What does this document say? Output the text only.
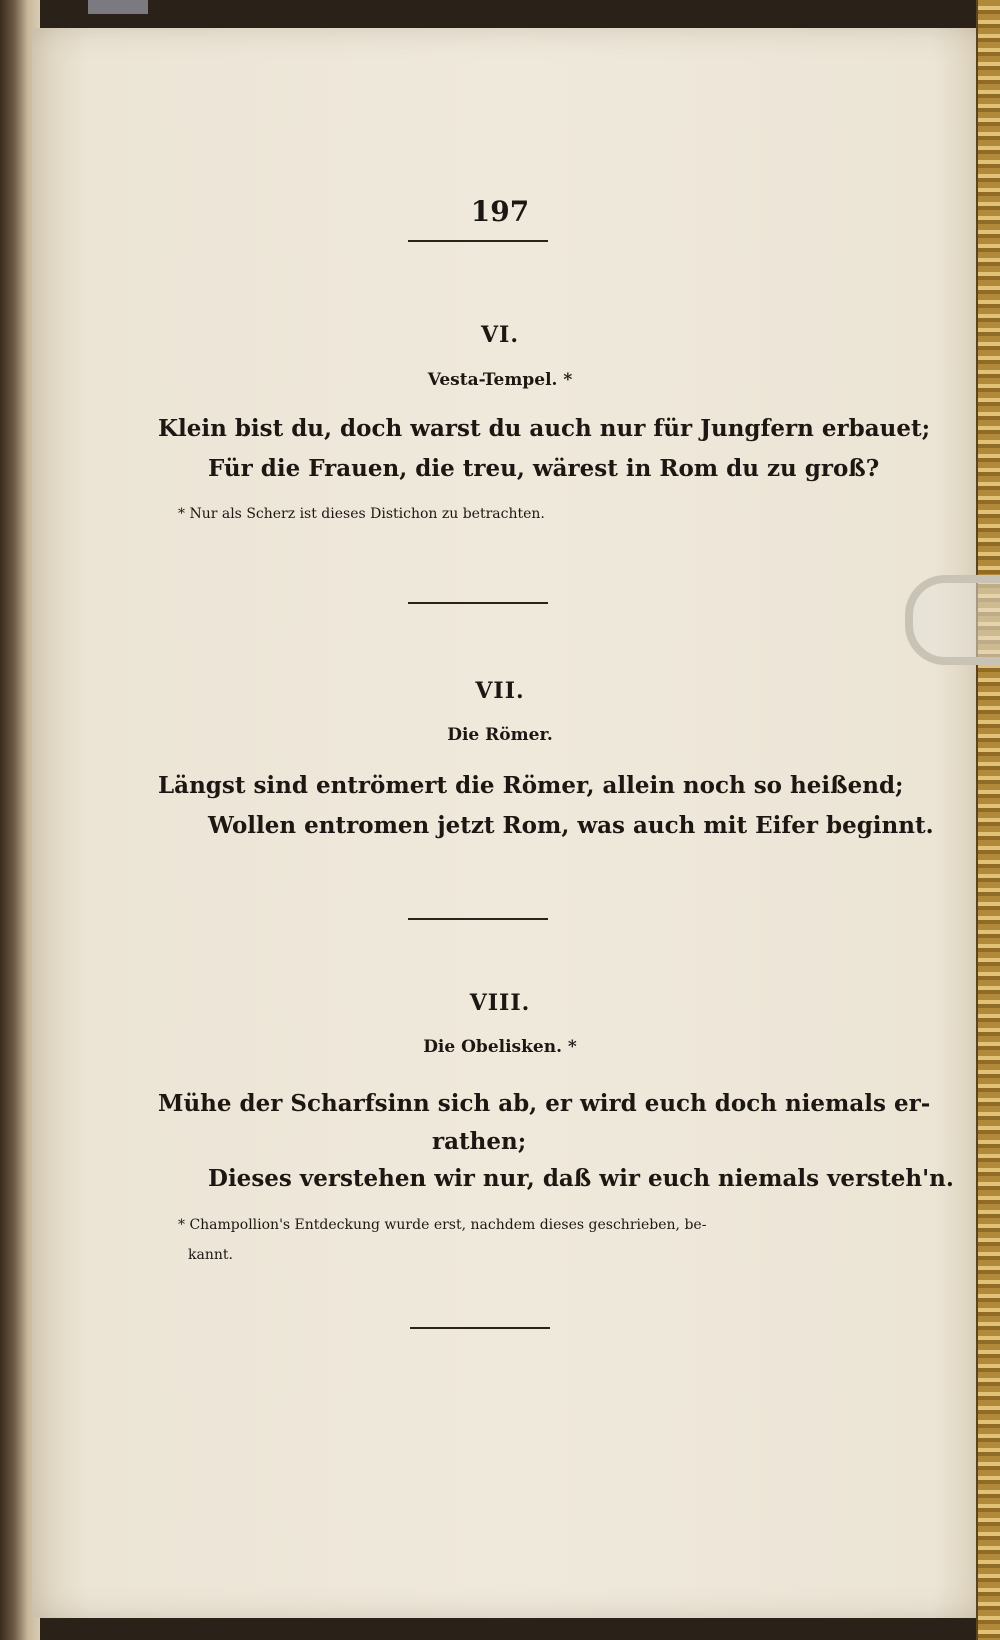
197
VI.
Vesta-Tempel. *
Klein bist du, doch warst du auch nur für Jungfern erbauet;
Für die Frauen, die treu, wärest in Rom du zu groß?
* Nur als Scherz ist dieses Distichon zu betrachten.
VII.
Die Römer.
Längst sind entrömert die Römer, allein noch so heißend;
Wollen entromen jetzt Rom, was auch mit Eifer beginnt.
VIII.
Die Obelisken. *
Mühe der Scharfsinn sich ab, er wird euch doch niemals er-
rathen;
Dieses verstehen wir nur, daß wir euch niemals versteh'n.
* Champollion's Entdeckung wurde erst, nachdem dieses geschrieben, be-
kannt.
